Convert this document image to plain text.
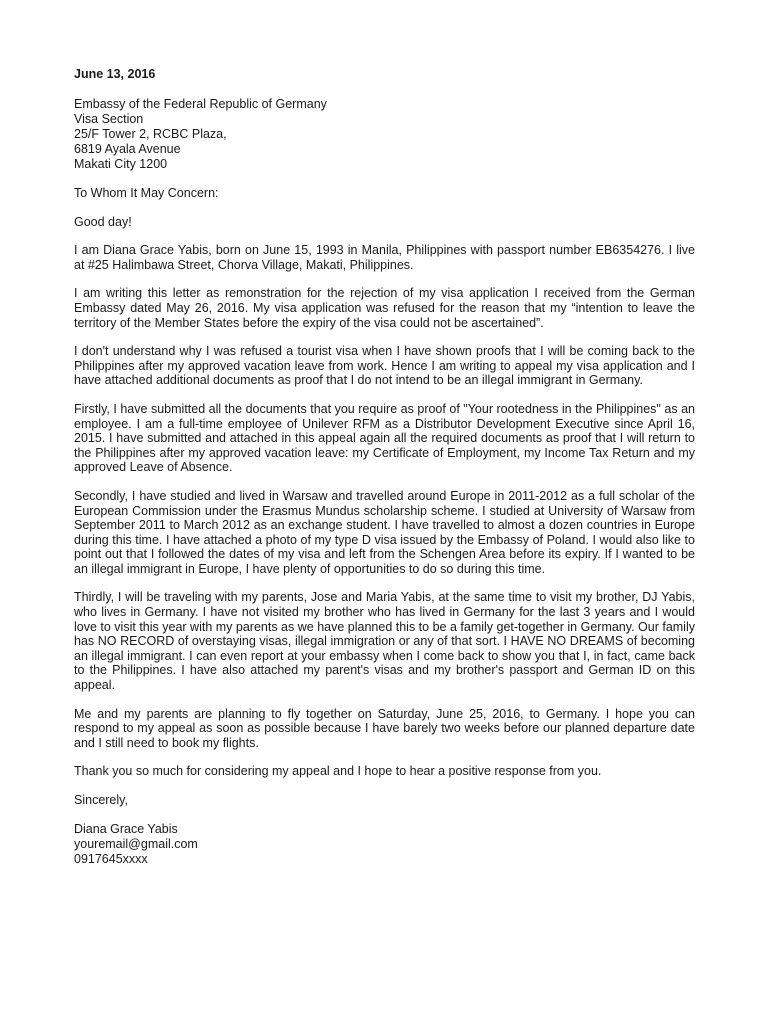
June 13, 2016
Embassy of the Federal Republic of Germany
Visa Section
25/F Tower 2, RCBC Plaza,
6819 Ayala Avenue
Makati City 1200

To Whom It May Concern:

Good day!

I am Diana Grace Yabis, born on June 15, 1993 in Manila, Philippines with passport number EB6354276. I live at #25 Halimbawa Street, Chorva Village, Makati, Philippines.

I am writing this letter as remonstration for the rejection of my visa application I received from the German Embassy dated May 26, 2016. My visa application was refused for the reason that my “intention to leave the territory of the Member States before the expiry of the visa could not be ascertained”.

I don't understand why I was refused a tourist visa when I have shown proofs that I will be coming back to the Philippines after my approved vacation leave from work. Hence I am writing to appeal my visa application and I have attached additional documents as proof that I do not intend to be an illegal immigrant in Germany.

Firstly, I have submitted all the documents that you require as proof of "Your rootedness in the Philippines" as an employee. I am a full-time employee of Unilever RFM as a Distributor Development Executive since April 16, 2015. I have submitted and attached in this appeal again all the required documents as proof that I will return to the Philippines after my approved vacation leave: my Certificate of Employment, my Income Tax Return and my approved Leave of Absence.

Secondly, I have studied and lived in Warsaw and travelled around Europe in 2011-2012 as a full scholar of the European Commission under the Erasmus Mundus scholarship scheme. I studied at University of Warsaw from September 2011 to March 2012 as an exchange student. I have travelled to almost a dozen countries in Europe during this time. I have attached a photo of my type D visa issued by the Embassy of Poland. I would also like to point out that I followed the dates of my visa and left from the Schengen Area before its expiry. If I wanted to be an illegal immigrant in Europe, I have plenty of opportunities to do so during this time.

Thirdly, I will be traveling with my parents, Jose and Maria Yabis, at the same time to visit my brother, DJ Yabis, who lives in Germany. I have not visited my brother who has lived in Germany for the last 3 years and I would love to visit this year with my parents as we have planned this to be a family get-together in Germany. Our family has NO RECORD of overstaying visas, illegal immigration or any of that sort. I HAVE NO DREAMS of becoming an illegal immigrant. I can even report at your embassy when I come back to show you that I, in fact, came back to the Philippines. I have also attached my parent's visas and my brother's passport and German ID on this appeal.

Me and my parents are planning to fly together on Saturday, June 25, 2016, to Germany. I hope you can respond to my appeal as soon as possible because I have barely two weeks before our planned departure date and I still need to book my flights.

Thank you so much for considering my appeal and I hope to hear a positive response from you.

Sincerely,
Diana Grace Yabis
youremail@gmail.com
0917645xxxx
